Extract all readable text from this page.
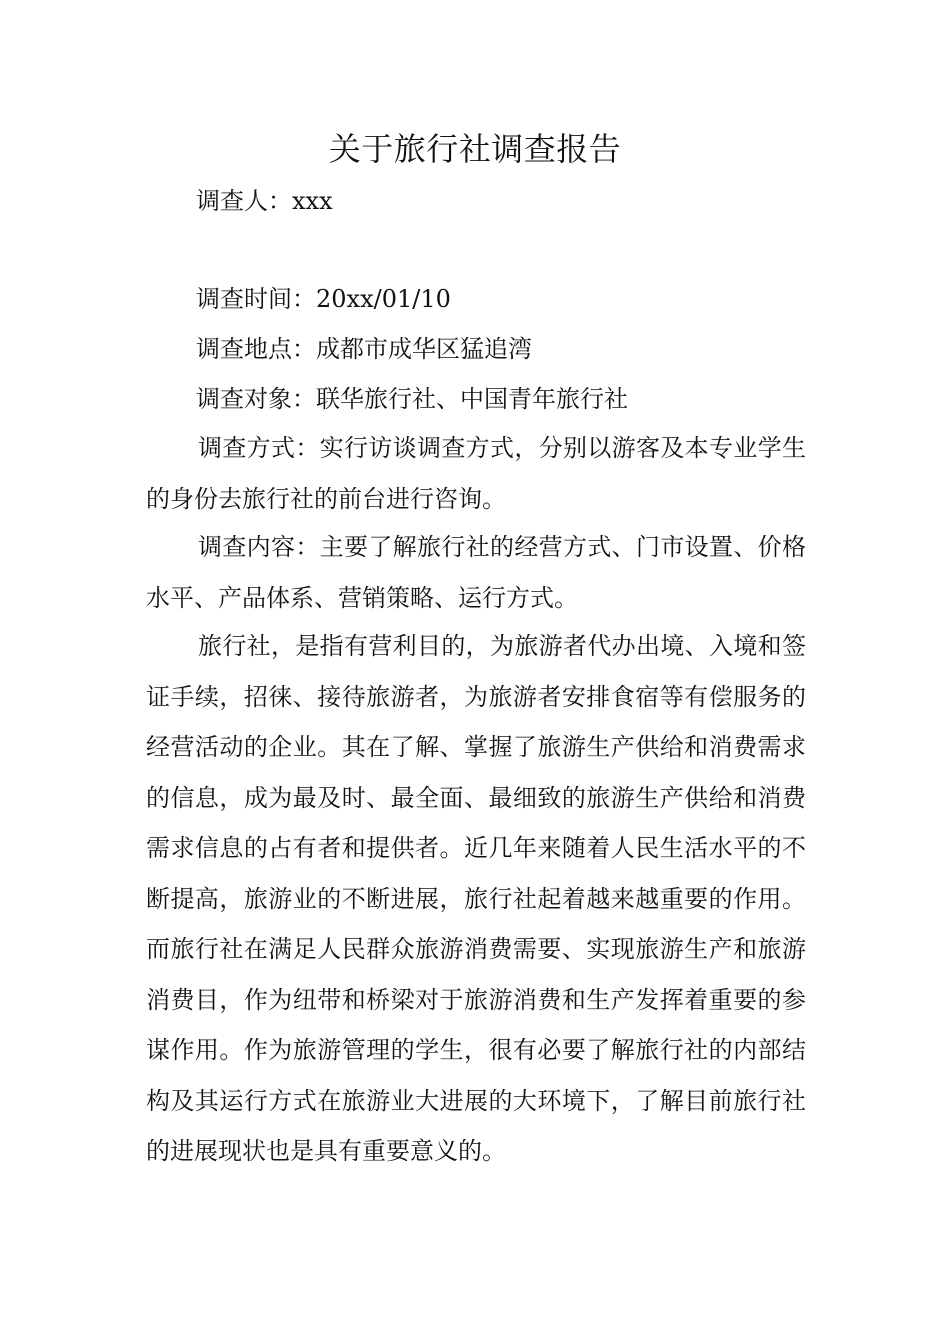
关于旅行社调查报告
调查人：xxx
调查时间：20xx/01/10
调查地点：成都市成华区猛追湾
调查对象：联华旅行社、中国青年旅行社
调查方式：实行访谈调查方式，分别以游客及本专业学生的身份去旅行社的前台进行咨询。
调查内容：主要了解旅行社的经营方式、门市设置、价格水平、产品体系、营销策略、运行方式。
旅行社，是指有营利目的，为旅游者代办出境、入境和签证手续，招徕、接待旅游者，为旅游者安排食宿等有偿服务的经营活动的企业。其在了解、掌握了旅游生产供给和消费需求的信息，成为最及时、最全面、最细致的旅游生产供给和消费需求信息的占有者和提供者。近几年来随着人民生活水平的不断提高，旅游业的不断进展，旅行社起着越来越重要的作用。而旅行社在满足人民群众旅游消费需要、实现旅游生产和旅游消费目，作为纽带和桥梁对于旅游消费和生产发挥着重要的参谋作用。作为旅游管理的学生，很有必要了解旅行社的内部结构及其运行方式在旅游业大进展的大环境下，了解目前旅行社的进展现状也是具有重要意义的。
